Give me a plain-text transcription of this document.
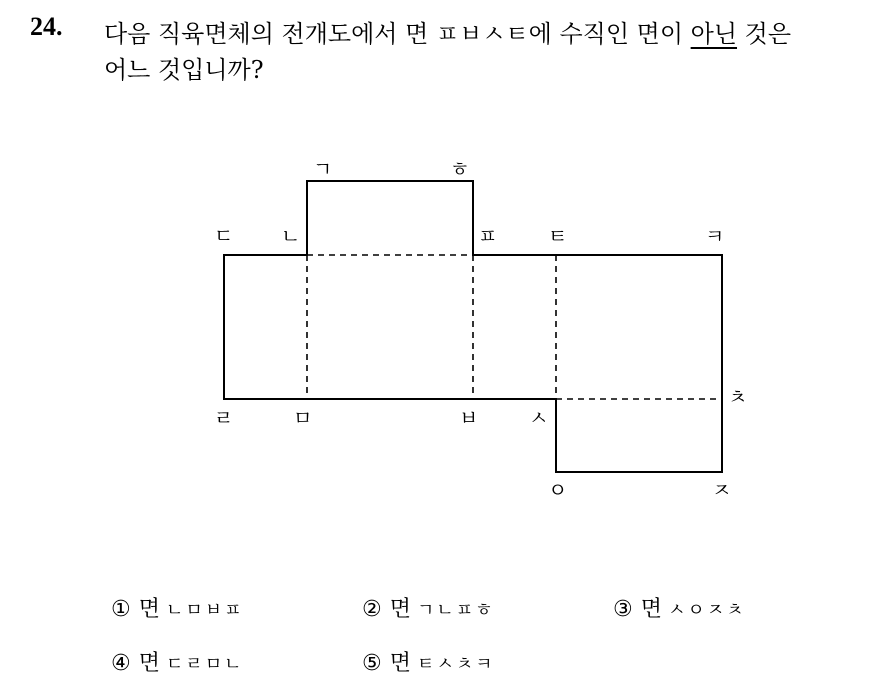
24. 다음 직육면체의 전개도에서 면 ㅍㅂㅅㅌ에 수직인 면이 아닌 것은
어느 것입니까?
ㄱ	ㅎ
ㄷ ㄴ	ㅍ	ㅌ	ㅋ
ㅊ
ㄹ	ㅁ	ㅂ	ㅅ
ㅇ	ㅈ
① 면 ㄴㅁㅂㅍ	② 면 ㄱㄴㅍㅎ	③ 면 ㅅㅇㅈㅊ
④ 면 ㄷㄹㅁㄴ	⑤ 면 ㅌㅅㅊㅋ
